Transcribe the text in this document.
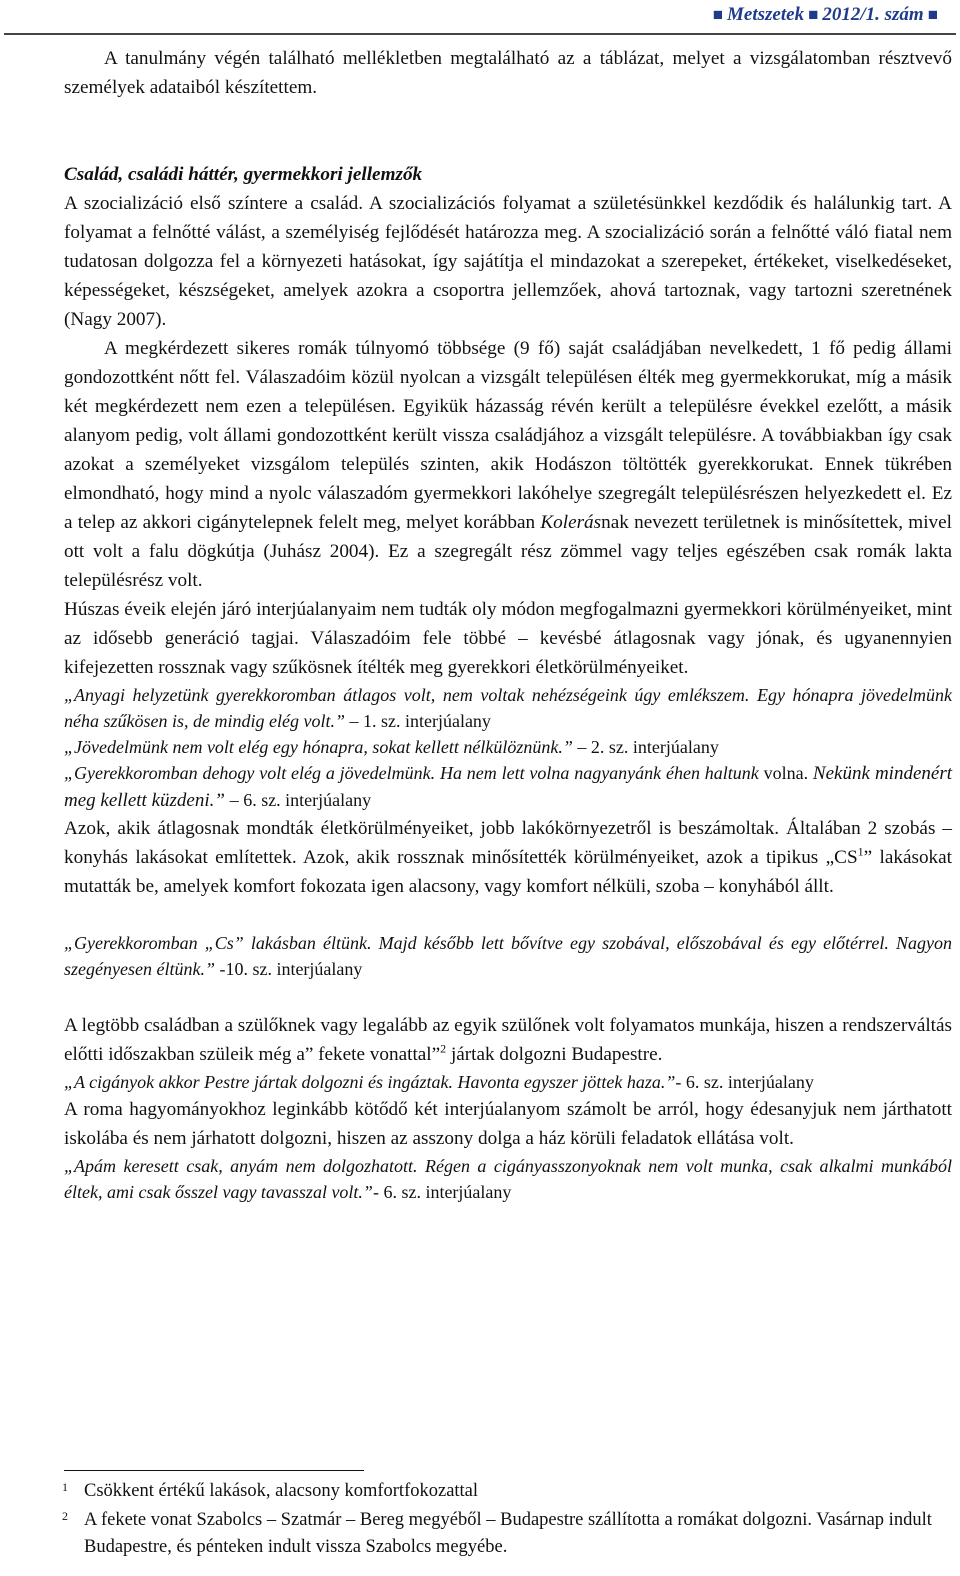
■ Metszetek ■ 2012/1. szám ■

A tanulmány végén található mellékletben megtalálható az a táblázat, melyet a vizsgálatomban résztvevő személyek adataiból készítettem.

Család, családi háttér, gyermekkori jellemzők

A szocializáció első színtere a család. A szocializációs folyamat a születésünkkel kezdődik és halálunkig tart. A folyamat a felnőtté válást, a személyiség fejlődését határozza meg. A szocializáció során a felnőtté váló fiatal nem tudatosan dolgozza fel a környezeti hatásokat, így sajátítja el mindazokat a szerepeket, értékeket, viselkedéseket, képességeket, készségeket, amelyek azokra a csoportra jellemzőek, ahová tartoznak, vagy tartozni szeretnének (Nagy 2007).

A megkérdezett sikeres romák túlnyomó többsége (9 fő) saját családjában nevelkedett, 1 fő pedig állami gondozottként nőtt fel. Válaszadóim közül nyolcan a vizsgált településen élték meg gyermekkorukat, míg a másik két megkérdezett nem ezen a településen. Egyikük házasság révén került a településre évekkel ezelőtt, a másik alanyom pedig, volt állami gondozottként került vissza családjához a vizsgált településre. A továbbiakban így csak azokat a személyeket vizsgálom település szinten, akik Hodászon töltötték gyerekkorukat. Ennek tükrében elmondható, hogy mind a nyolc válaszadóm gyermekkori lakóhelye szegregált településrészen helyezkedett el. Ez a telep az akkori cigánytelepnek felelt meg, melyet korábban Kolerásnak nevezett területnek is minősítettek, mivel ott volt a falu dögkútja (Juhász 2004). Ez a szegregált rész zömmel vagy teljes egészében csak romák lakta településrész volt.

Húszas éveik elején járó interjúalanyaim nem tudták oly módon megfogalmazni gyermekkori körülményeiket, mint az idősebb generáció tagjai. Válaszadóim fele többé – kevésbé átlagosnak vagy jónak, és ugyanennyien kifejezetten rossznak vagy szűkösnek ítélték meg gyerekkori életkörülményeiket.

„Anyagi helyzetünk gyerekkoromban átlagos volt, nem voltak nehézségeink úgy emlékszem. Egy hónapra jövedelmünk néha szűkösen is, de mindig elég volt.” – 1. sz. interjúalany

„Jövedelmünk nem volt elég egy hónapra, sokat kellett nélkülöznünk.” – 2. sz. interjúalany

„Gyerekkoromban dehogy volt elég a jövedelmünk. Ha nem lett volna nagyanyánk éhen haltunk volna. Nekünk mindenért meg kellett küzdeni.” – 6. sz. interjúalany

Azok, akik átlagosnak mondták életkörülményeiket, jobb lakókörnyezetről is beszámoltak. Általában 2 szobás – konyhás lakásokat említettek. Azok, akik rossznak minősítették körülményeiket, azok a tipikus $„CS^1$” lakásokat mutatták be, amelyek komfort fokozata igen alacsony, vagy komfort nélküli, szoba – konyhából állt.

„Gyerekkoromban „Cs” lakásban éltünk. Majd később lett bővítve egy szobával, előszobával és egy előtérrel. Nagyon szegényesen éltünk.” -10. sz. interjúalany

A legtöbb családban a szülőknek vagy legalább az egyik szülőnek volt folyamatos munkája, hiszen a rendszerváltás előtti időszakban szüleik még a” fekete vonattal”$^2$ jártak dolgozni Budapestre.

„A cigányok akkor Pestre jártak dolgozni és ingáztak. Havonta egyszer jöttek haza.”- 6. sz. interjúalany

A roma hagyományokhoz leginkább kötődő két interjúalanyom számolt be arról, hogy édesanyjuk nem járthatott iskolába és nem járhatott dolgozni, hiszen az asszony dolga a ház körüli feladatok ellátása volt.

„Apám keresett csak, anyám nem dolgozhatott. Régen a cigányasszonyoknak nem volt munka, csak alkalmi munkából éltek, ami csak ősszel vagy tavasszal volt.”- 6. sz. interjúalany

1 Csökkent értékű lakások, alacsony komfortfokozattal
2 A fekete vonat Szabolcs – Szatmár – Bereg megyéből – Budapestre szállította a romákat dolgozni. Vasárnap indult Budapestre, és pénteken indult vissza Szabolcs megyébe.
